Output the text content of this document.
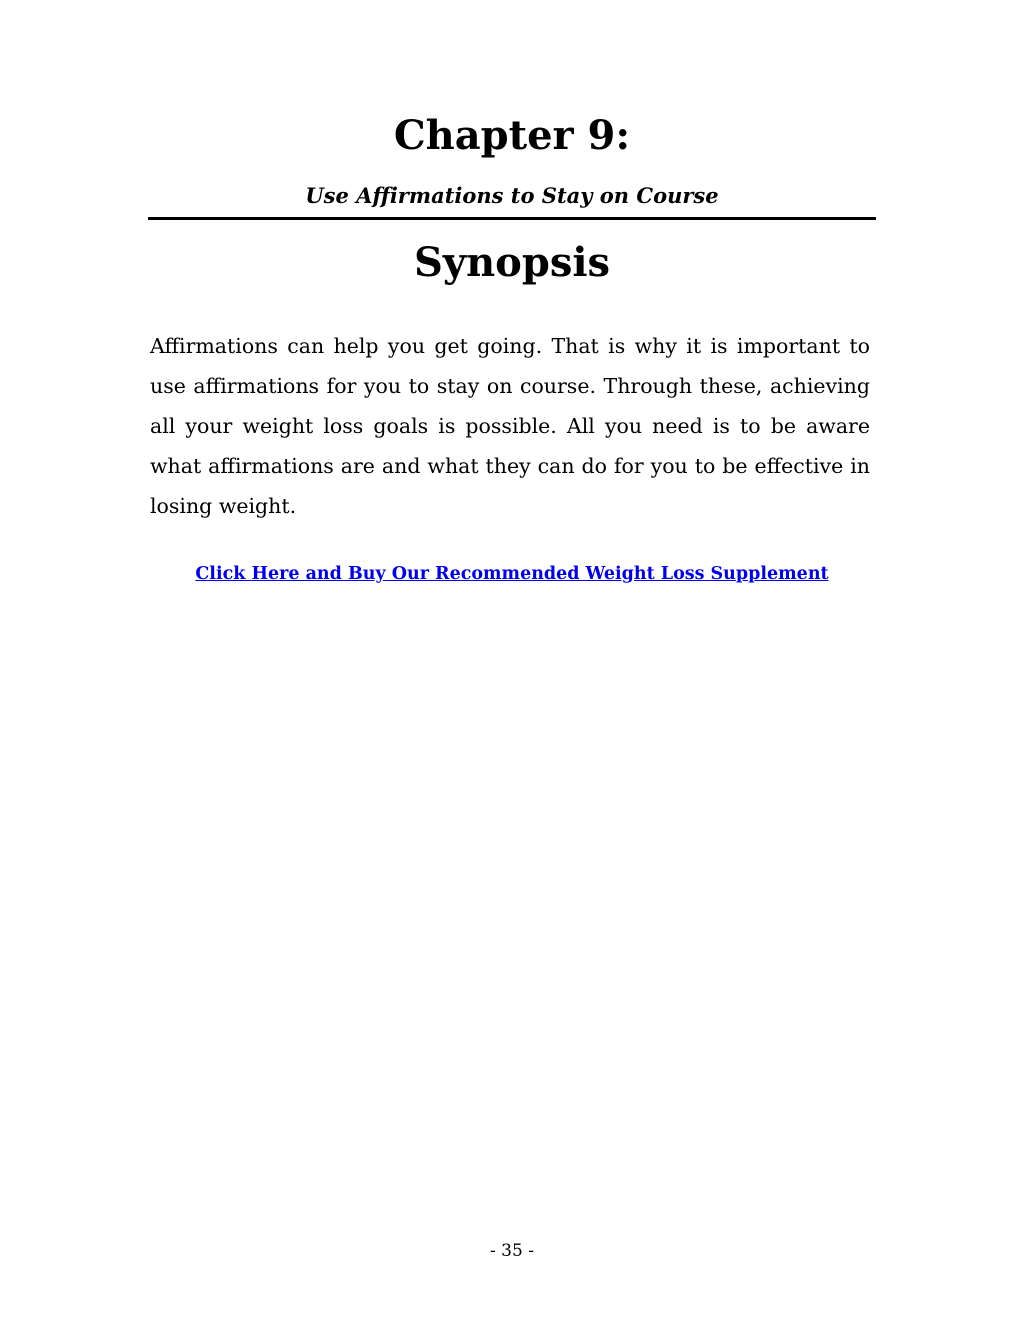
Chapter 9:

Use Affirmations to Stay on Course

Synopsis

Affirmations can help you get going. That is why it is important to use affirmations for you to stay on course. Through these, achieving all your weight loss goals is possible. All you need is to be aware what affirmations are and what they can do for you to be effective in losing weight.

Click Here and Buy Our Recommended Weight Loss Supplement

- 35 -
